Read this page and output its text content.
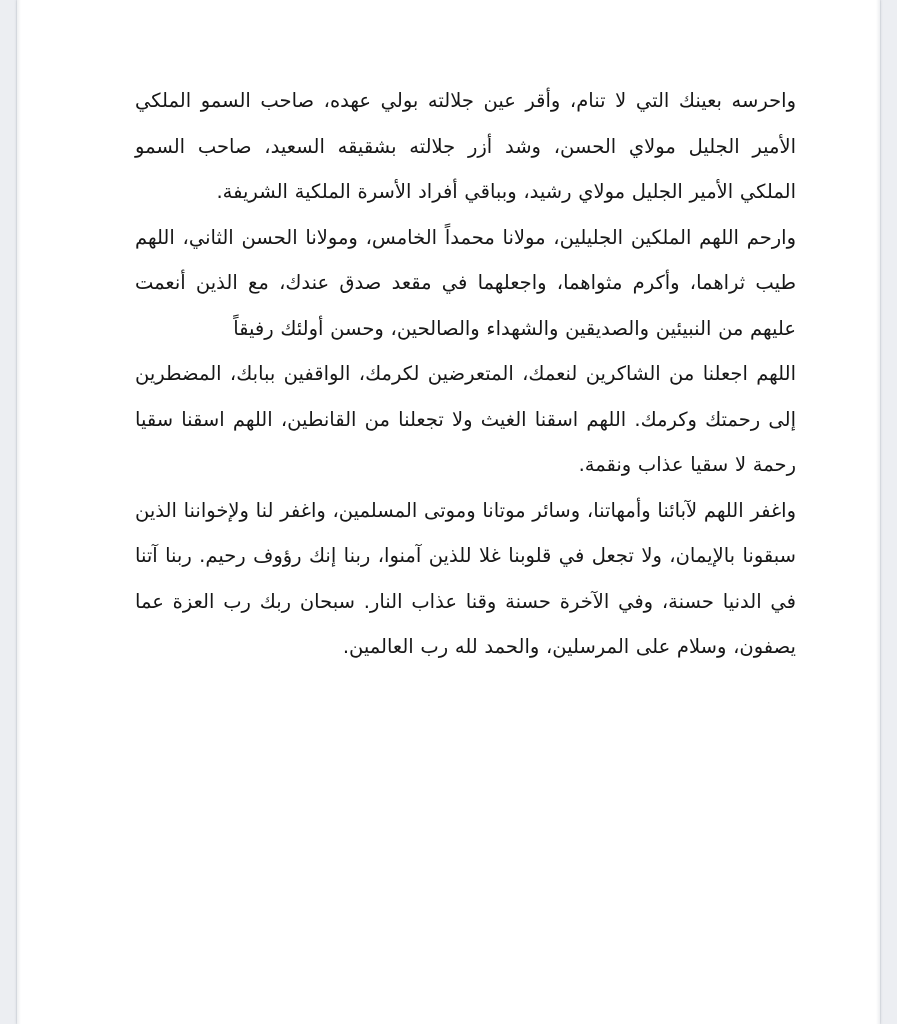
واحرسه بعينك التي لا تنام، وأقر عين جلالته بولي عهده، صاحب السمو الملكي الأمير الجليل مولاي الحسن، وشد أزر جلالته بشقيقه السعيد، صاحب السمو الملكي الأمير الجليل مولاي رشيد، وبباقي أفراد الأسرة الملكية الشريفة.

وارحم اللهم الملكين الجليلين، مولانا محمداً الخامس، ومولانا الحسن الثاني، اللهم طيب ثراهما، وأكرم مثواهما، واجعلهما في مقعد صدق عندك، مع الذين أنعمت عليهم من النبيئين والصديقين والشهداء والصالحين، وحسن أولئك رفيقاً

اللهم اجعلنا من الشاكرين لنعمك، المتعرضين لكرمك، الواقفين ببابك، المضطرين إلى رحمتك وكرمك. اللهم اسقنا الغيث ولا تجعلنا من القانطين، اللهم اسقنا سقيا رحمة لا سقيا عذاب ونقمة.

واغفر اللهم لآبائنا وأمهاتنا، وسائر موتانا وموتى المسلمين، واغفر لنا ولإخواننا الذين سبقونا بالإيمان، ولا تجعل في قلوبنا غلا للذين آمنوا، ربنا إنك رؤوف رحيم. ربنا آتنا في الدنيا حسنة، وفي الآخرة حسنة وقنا عذاب النار. سبحان ربك رب العزة عما يصفون، وسلام على المرسلين، والحمد لله رب العالمين.
